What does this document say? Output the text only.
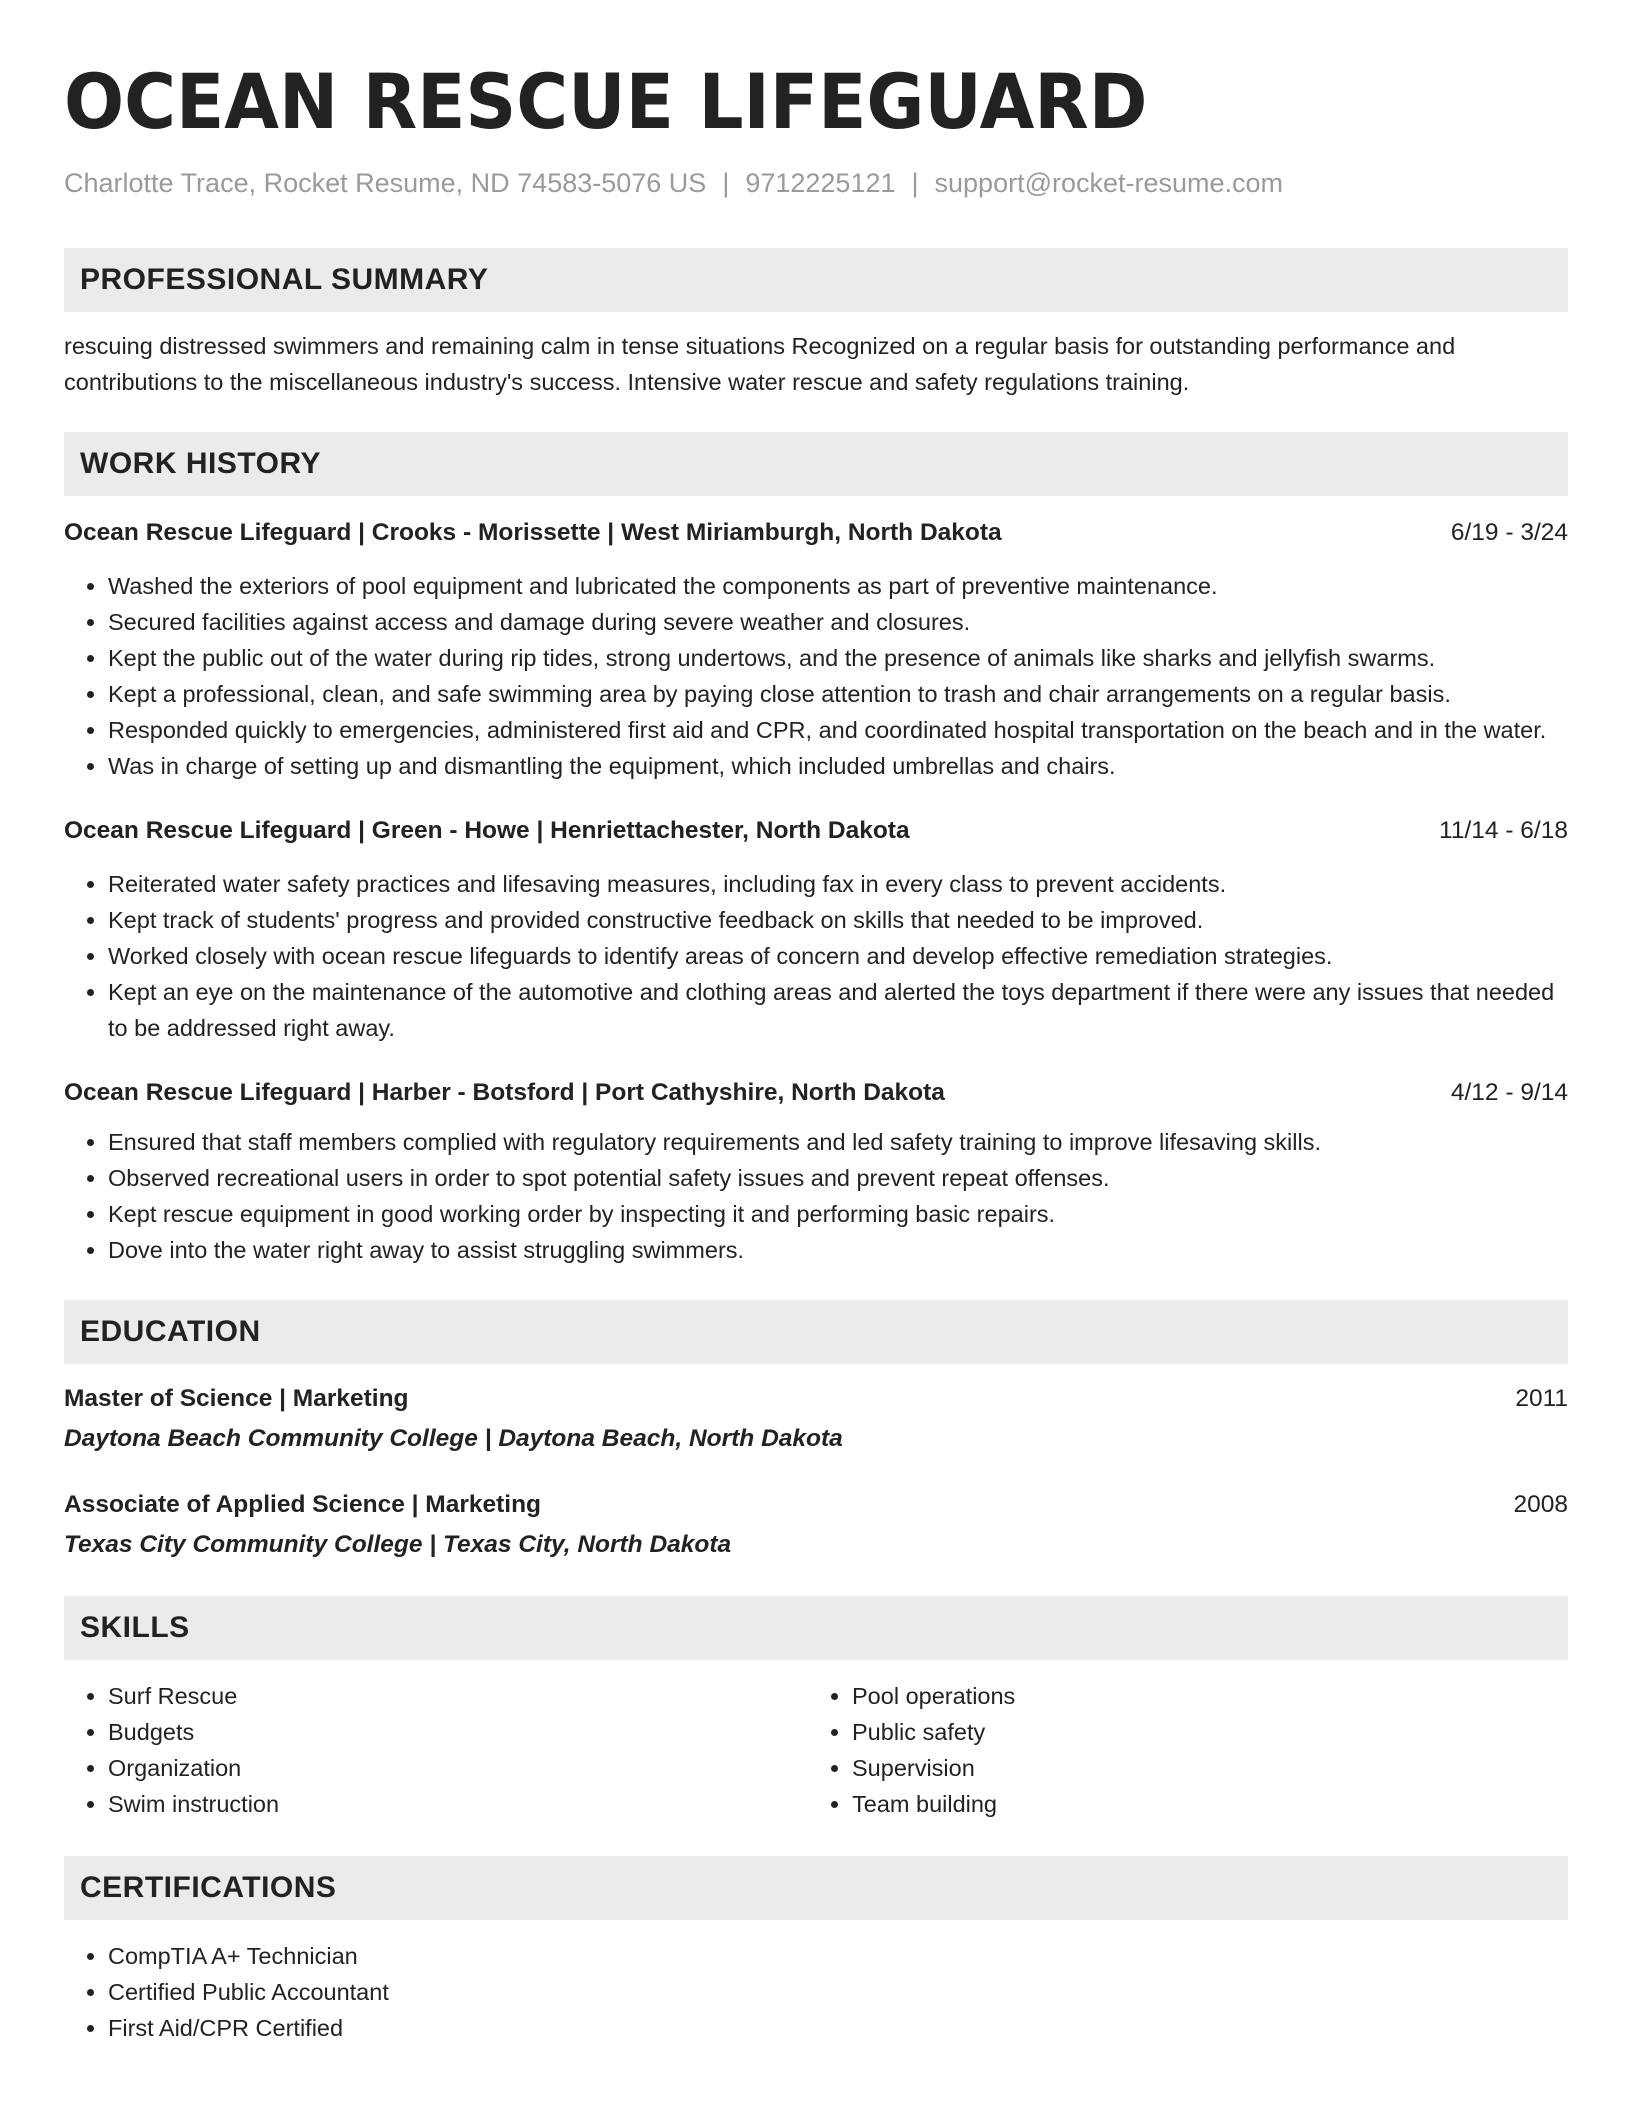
OCEAN RESCUE LIFEGUARD
Charlotte Trace, Rocket Resume, ND 74583-5076 US | 9712225121 | support@rocket-resume.com
PROFESSIONAL SUMMARY
rescuing distressed swimmers and remaining calm in tense situations Recognized on a regular basis for outstanding performance and contributions to the miscellaneous industry's success. Intensive water rescue and safety regulations training.
WORK HISTORY
Ocean Rescue Lifeguard | Crooks - Morissette | West Miriamburgh, North Dakota	6/19 - 3/24
• Washed the exteriors of pool equipment and lubricated the components as part of preventive maintenance.
• Secured facilities against access and damage during severe weather and closures.
• Kept the public out of the water during rip tides, strong undertows, and the presence of animals like sharks and jellyfish swarms.
• Kept a professional, clean, and safe swimming area by paying close attention to trash and chair arrangements on a regular basis.
• Responded quickly to emergencies, administered first aid and CPR, and coordinated hospital transportation on the beach and in the water.
• Was in charge of setting up and dismantling the equipment, which included umbrellas and chairs.
Ocean Rescue Lifeguard | Green - Howe | Henriettachester, North Dakota	11/14 - 6/18
• Reiterated water safety practices and lifesaving measures, including fax in every class to prevent accidents.
• Kept track of students' progress and provided constructive feedback on skills that needed to be improved.
• Worked closely with ocean rescue lifeguards to identify areas of concern and develop effective remediation strategies.
• Kept an eye on the maintenance of the automotive and clothing areas and alerted the toys department if there were any issues that needed to be addressed right away.
Ocean Rescue Lifeguard | Harber - Botsford | Port Cathyshire, North Dakota	4/12 - 9/14
• Ensured that staff members complied with regulatory requirements and led safety training to improve lifesaving skills.
• Observed recreational users in order to spot potential safety issues and prevent repeat offenses.
• Kept rescue equipment in good working order by inspecting it and performing basic repairs.
• Dove into the water right away to assist struggling swimmers.
EDUCATION
Master of Science | Marketing	2011
Daytona Beach Community College | Daytona Beach, North Dakota
Associate of Applied Science | Marketing	2008
Texas City Community College | Texas City, North Dakota
SKILLS
• Surf Rescue
• Budgets
• Organization
• Swim instruction
• Pool operations
• Public safety
• Supervision
• Team building
CERTIFICATIONS
• CompTIA A+ Technician
• Certified Public Accountant
• First Aid/CPR Certified
